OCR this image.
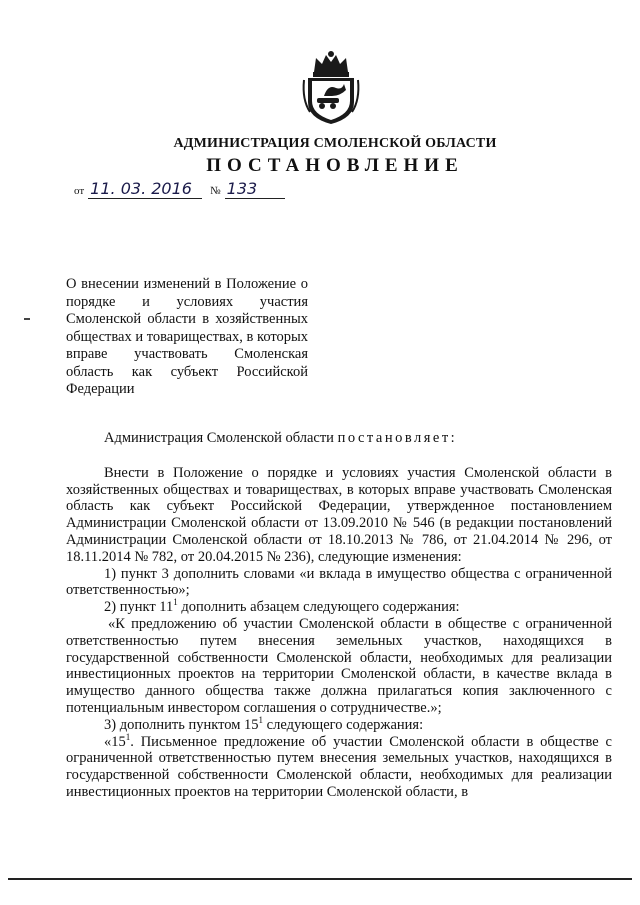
АДМИНИСТРАЦИЯ СМОЛЕНСКОЙ ОБЛАСТИ
ПОСТАНОВЛЕНИЕ
от 11. 03. 2016	№ 133

О внесении изменений в Положение о порядке и условиях участия Смоленской области в хозяйственных обществах и товариществах, в которых вправе участвовать Смоленская область как субъект Российской Федерации

Администрация Смоленской области постановляет:

Внести в Положение о порядке и условиях участия Смоленской области в хозяйственных обществах и товариществах, в которых вправе участвовать Смоленская область как субъект Российской Федерации, утвержденное постановлением Администрации Смоленской области от 13.09.2010 № 546 (в редакции постановлений Администрации Смоленской области от 18.10.2013 № 786, от 21.04.2014 № 296, от 18.11.2014 № 782, от 20.04.2015 № 236), следующие изменения:

1) пункт 3 дополнить словами «и вклада в имущество общества с ограниченной ответственностью»;

2) пункт $11^1$ дополнить абзацем следующего содержания:

«К предложению об участии Смоленской области в обществе с ограниченной ответственностью путем внесения земельных участков, находящихся в государственной собственности Смоленской области, необходимых для реализации инвестиционных проектов на территории Смоленской области, в качестве вклада в имущество данного общества также должна прилагаться копия заключенного с потенциальным инвестором соглашения о сотрудничестве.»;

3) дополнить пунктом $15^1$ следующего содержания:

«$15^1$. Письменное предложение об участии Смоленской области в обществе с ограниченной ответственностью путем внесения земельных участков, находящихся в государственной собственности Смоленской области, необходимых для реализации инвестиционных проектов на территории Смоленской области, в
